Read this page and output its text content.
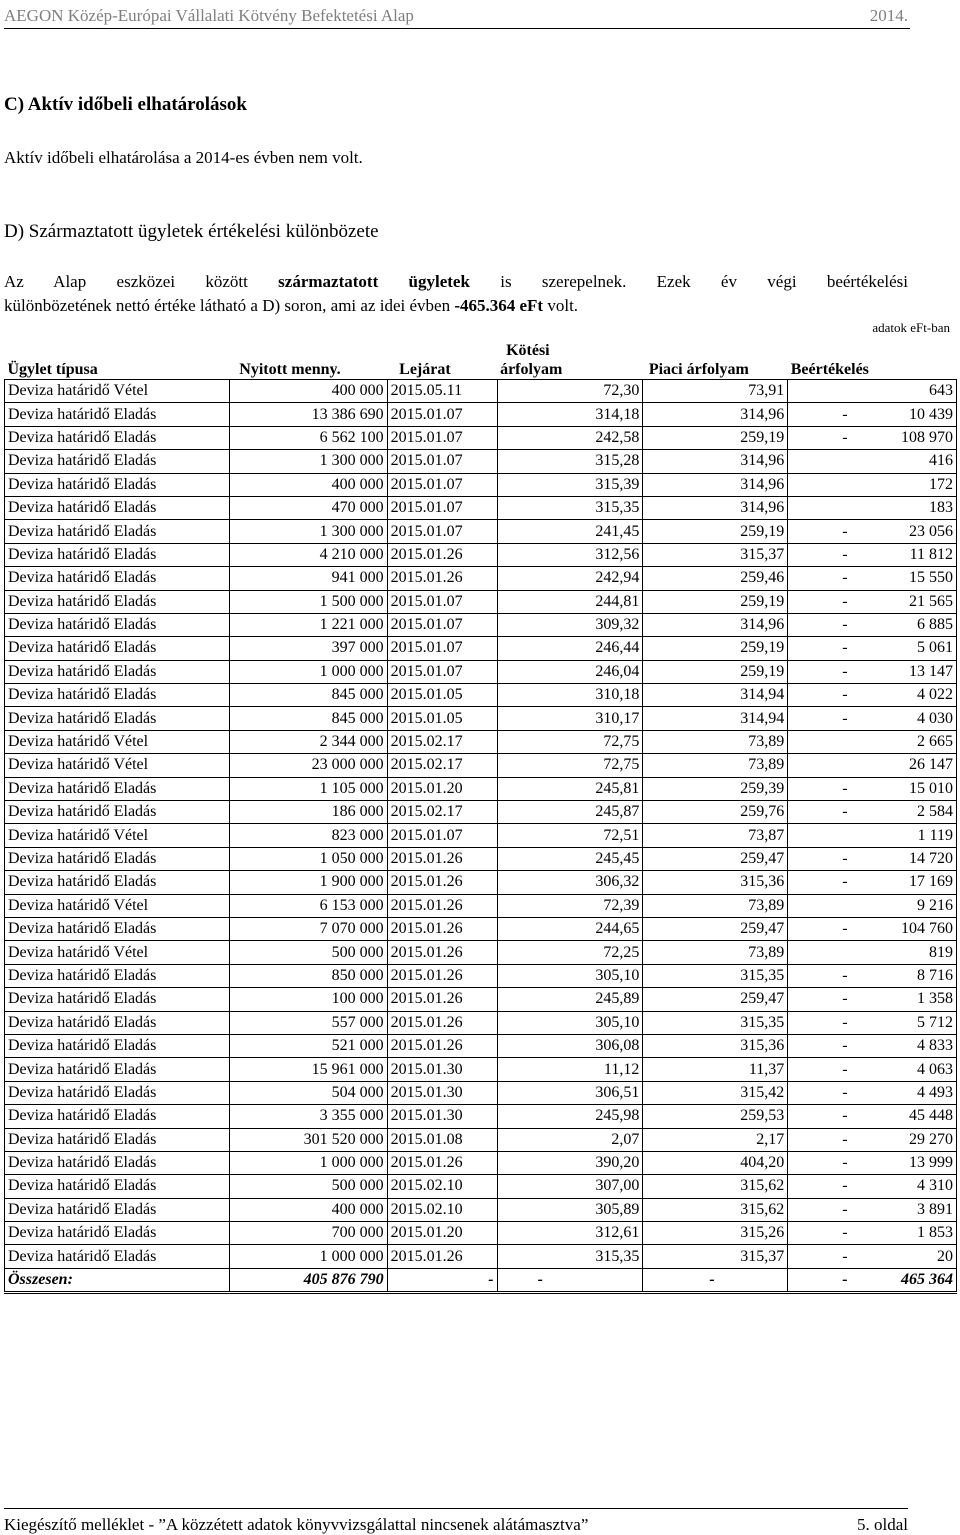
AEGON Közép-Európai Vállalati Kötvény Befektetési Alap	2014.
C) Aktív időbeli elhatárolások
Aktív időbeli elhatárolása a 2014-es évben nem volt.
D) Származtatott ügyletek értékelési különbözete
Az Alap eszközei között származtatott ügyletek is szerepelnek. Ezek év végi beértékelési
különbözetének nettó értéke látható a D) soron, ami az idei évben -465.364 eFt volt.
adatok eFt-ban
Ügylet típusa	Nyitott menny.	Lejárat	Kötési
árfolyam	Piaci árfolyam	Beértékelés
Deviza határidő Vétel	400 000	2015.05.11	72,30	73,91	643
Deviza határidő Eladás	13 386 690	2015.01.07	314,18	314,96	- 10 439
Deviza határidő Eladás	6 562 100	2015.01.07	242,58	259,19	- 108 970
Deviza határidő Eladás	1 300 000	2015.01.07	315,28	314,96	416
Deviza határidő Eladás	400 000	2015.01.07	315,39	314,96	172
Deviza határidő Eladás	470 000	2015.01.07	315,35	314,96	183
Deviza határidő Eladás	1 300 000	2015.01.07	241,45	259,19	- 23 056
Deviza határidő Eladás	4 210 000	2015.01.26	312,56	315,37	- 11 812
Deviza határidő Eladás	941 000	2015.01.26	242,94	259,46	- 15 550
Deviza határidő Eladás	1 500 000	2015.01.07	244,81	259,19	- 21 565
Deviza határidő Eladás	1 221 000	2015.01.07	309,32	314,96	- 6 885
Deviza határidő Eladás	397 000	2015.01.07	246,44	259,19	- 5 061
Deviza határidő Eladás	1 000 000	2015.01.07	246,04	259,19	- 13 147
Deviza határidő Eladás	845 000	2015.01.05	310,18	314,94	- 4 022
Deviza határidő Eladás	845 000	2015.01.05	310,17	314,94	- 4 030
Deviza határidő Vétel	2 344 000	2015.02.17	72,75	73,89	2 665
Deviza határidő Vétel	23 000 000	2015.02.17	72,75	73,89	26 147
Deviza határidő Eladás	1 105 000	2015.01.20	245,81	259,39	- 15 010
Deviza határidő Eladás	186 000	2015.02.17	245,87	259,76	- 2 584
Deviza határidő Vétel	823 000	2015.01.07	72,51	73,87	1 119
Deviza határidő Eladás	1 050 000	2015.01.26	245,45	259,47	- 14 720
Deviza határidő Eladás	1 900 000	2015.01.26	306,32	315,36	- 17 169
Deviza határidő Vétel	6 153 000	2015.01.26	72,39	73,89	9 216
Deviza határidő Eladás	7 070 000	2015.01.26	244,65	259,47	- 104 760
Deviza határidő Vétel	500 000	2015.01.26	72,25	73,89	819
Deviza határidő Eladás	850 000	2015.01.26	305,10	315,35	- 8 716
Deviza határidő Eladás	100 000	2015.01.26	245,89	259,47	- 1 358
Deviza határidő Eladás	557 000	2015.01.26	305,10	315,35	- 5 712
Deviza határidő Eladás	521 000	2015.01.26	306,08	315,36	- 4 833
Deviza határidő Eladás	15 961 000	2015.01.30	11,12	11,37	- 4 063
Deviza határidő Eladás	504 000	2015.01.30	306,51	315,42	- 4 493
Deviza határidő Eladás	3 355 000	2015.01.30	245,98	259,53	- 45 448
Deviza határidő Eladás	301 520 000	2015.01.08	2,07	2,17	- 29 270
Deviza határidő Eladás	1 000 000	2015.01.26	390,20	404,20	- 13 999
Deviza határidő Eladás	500 000	2015.02.10	307,00	315,62	- 4 310
Deviza határidő Eladás	400 000	2015.02.10	305,89	315,62	- 3 891
Deviza határidő Eladás	700 000	2015.01.20	312,61	315,26	- 1 853
Deviza határidő Eladás	1 000 000	2015.01.26	315,35	315,37	- 20
Összesen:	405 876 790	-	-	-	- 465 364
Kiegészítő melléklet - ”A közzétett adatok könyvvizsgálattal nincsenek alátámasztva”	5. oldal
